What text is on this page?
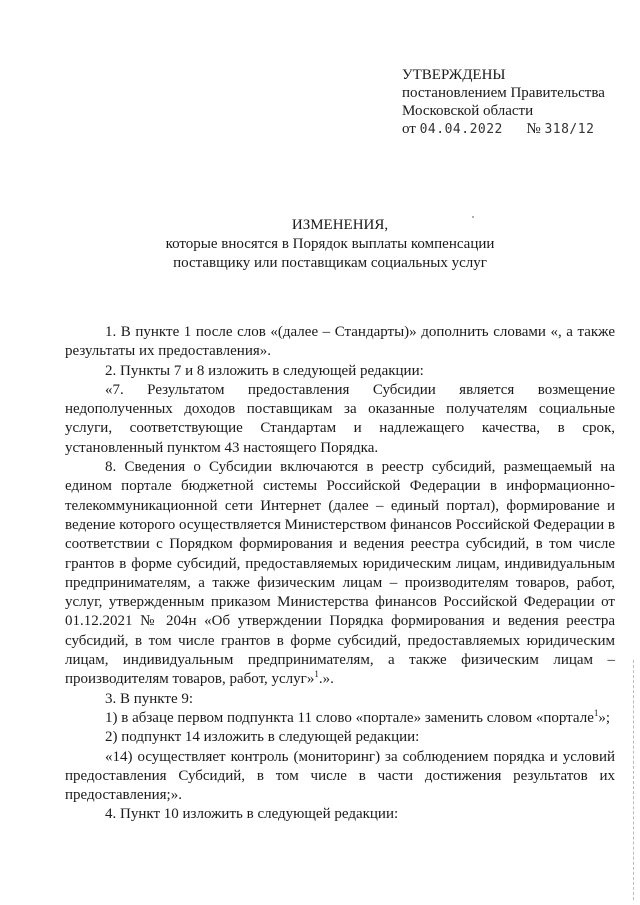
УТВЕРЖДЕНЫ
постановлением Правительства
Московской области
от 04.04.2022 № 318/12
ИЗМЕНЕНИЯ,
которые вносятся в Порядок выплаты компенсации
поставщику или поставщикам социальных услуг

1. В пункте 1 после слов «(далее – Стандарты)» дополнить словами «, а также результаты их предоставления».

2. Пункты 7 и 8 изложить в следующей редакции:

«7. Результатом предоставления Субсидии является возмещение недополученных доходов поставщикам за оказанные получателям социальные услуги, соответствующие Стандартам и надлежащего качества, в срок, установленный пунктом 43 настоящего Порядка.

8. Сведения о Субсидии включаются в реестр субсидий, размещаемый на едином портале бюджетной системы Российской Федерации в информационно-телекоммуникационной сети Интернет (далее – единый портал), формирование и ведение которого осуществляется Министерством финансов Российской Федерации в соответствии с Порядком формирования и ведения реестра субсидий, в том числе грантов в форме субсидий, предоставляемых юридическим лицам, индивидуальным предпринимателям, а также физическим лицам – производителям товаров, работ, услуг, утвержденным приказом Министерства финансов Российской Федерации от 01.12.2021 № 204н «Об утверждении Порядка формирования и ведения реестра субсидий, в том числе грантов в форме субсидий, предоставляемых юридическим лицам, индивидуальным предпринимателям, а также физическим лицам – производителям товаров, работ, услуг»$^1$.».

3. В пункте 9:

1) в абзаце первом подпункта 11 слово «портале» заменить словом «портале$^1$»;

2) подпункт 14 изложить в следующей редакции:

«14) осуществляет контроль (мониторинг) за соблюдением порядка и условий предоставления Субсидий, в том числе в части достижения результатов их предоставления;».

4. Пункт 10 изложить в следующей редакции:
